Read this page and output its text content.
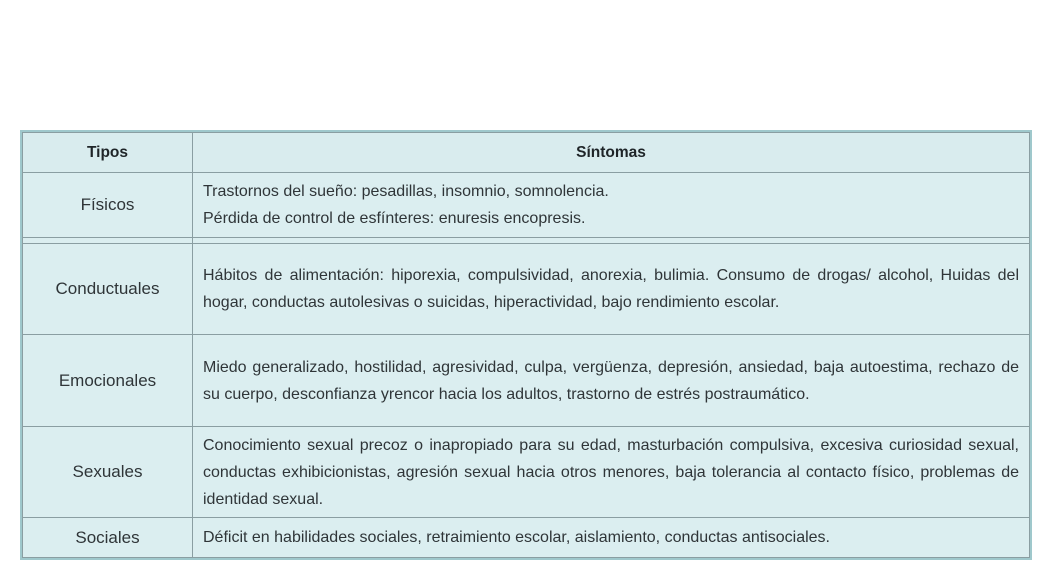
Tipos	Síntomas
Físicos	Trastornos del sueño: pesadillas, insomnio, somnolencia.
Pérdida de control de esfínteres: enuresis encopresis.

Conductuales	Hábitos de alimentación: hiporexia, compulsividad, anorexia, bulimia. Consumo de drogas/ alcohol, Huidas del hogar, conductas autolesivas o suicidas, hiperactividad, bajo rendimiento escolar.
Emocionales	Miedo generalizado, hostilidad, agresividad, culpa, vergüenza, depresión, ansiedad, baja autoestima, rechazo de su cuerpo, desconfianza yrencor hacia los adultos, trastorno de estrés postraumático.
Sexuales	Conocimiento sexual precoz o inapropiado para su edad, masturbación compulsiva, excesiva curiosidad sexual, conductas exhibicionistas, agresión sexual hacia otros menores, baja tolerancia al contacto físico, problemas de identidad sexual.
Sociales	Déficit en habilidades sociales, retraimiento escolar, aislamiento, conductas antisociales.
